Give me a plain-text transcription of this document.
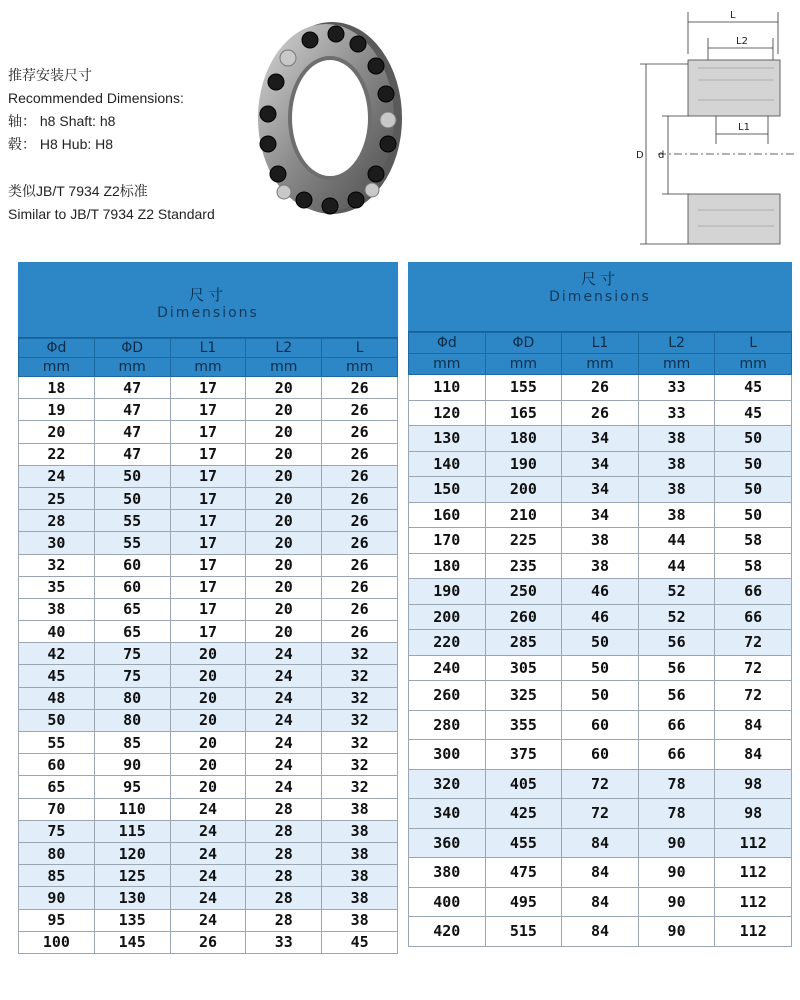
推荐安装尺寸
Recommended Dimensions:
轴： h8 Shaft: h8
毂： H8 Hub: H8
类似JB/T 7934 Z2标准
Similar to JB/T 7934 Z2 Standard
L
L2
L1
D d
尺寸
Dimensions
Φd	ΦD	L1	L2	L
mm	mm	mm	mm	mm
18	47	17	20	26
19	47	17	20	26
20	47	17	20	26
22	47	17	20	26
24	50	17	20	26
25	50	17	20	26
28	55	17	20	26
30	55	17	20	26
32	60	17	20	26
35	60	17	20	26
38	65	17	20	26
40	65	17	20	26
42	75	20	24	32
45	75	20	24	32
48	80	20	24	32
50	80	20	24	32
55	85	20	24	32
60	90	20	24	32
65	95	20	24	32
70	110	24	28	38
75	115	24	28	38
80	120	24	28	38
85	125	24	28	38
90	130	24	28	38
95	135	24	28	38
100	145	26	33	45
尺寸
Dimensions
Φd	ΦD	L1	L2	L
mm	mm	mm	mm	mm
110	155	26	33	45
120	165	26	33	45
130	180	34	38	50
140	190	34	38	50
150	200	34	38	50
160	210	34	38	50
170	225	38	44	58
180	235	38	44	58
190	250	46	52	66
200	260	46	52	66
220	285	50	56	72
240	305	50	56	72
260	325	50	56	72
280	355	60	66	84
300	375	60	66	84
320	405	72	78	98
340	425	72	78	98
360	455	84	90	112
380	475	84	90	112
400	495	84	90	112
420	515	84	90	112
